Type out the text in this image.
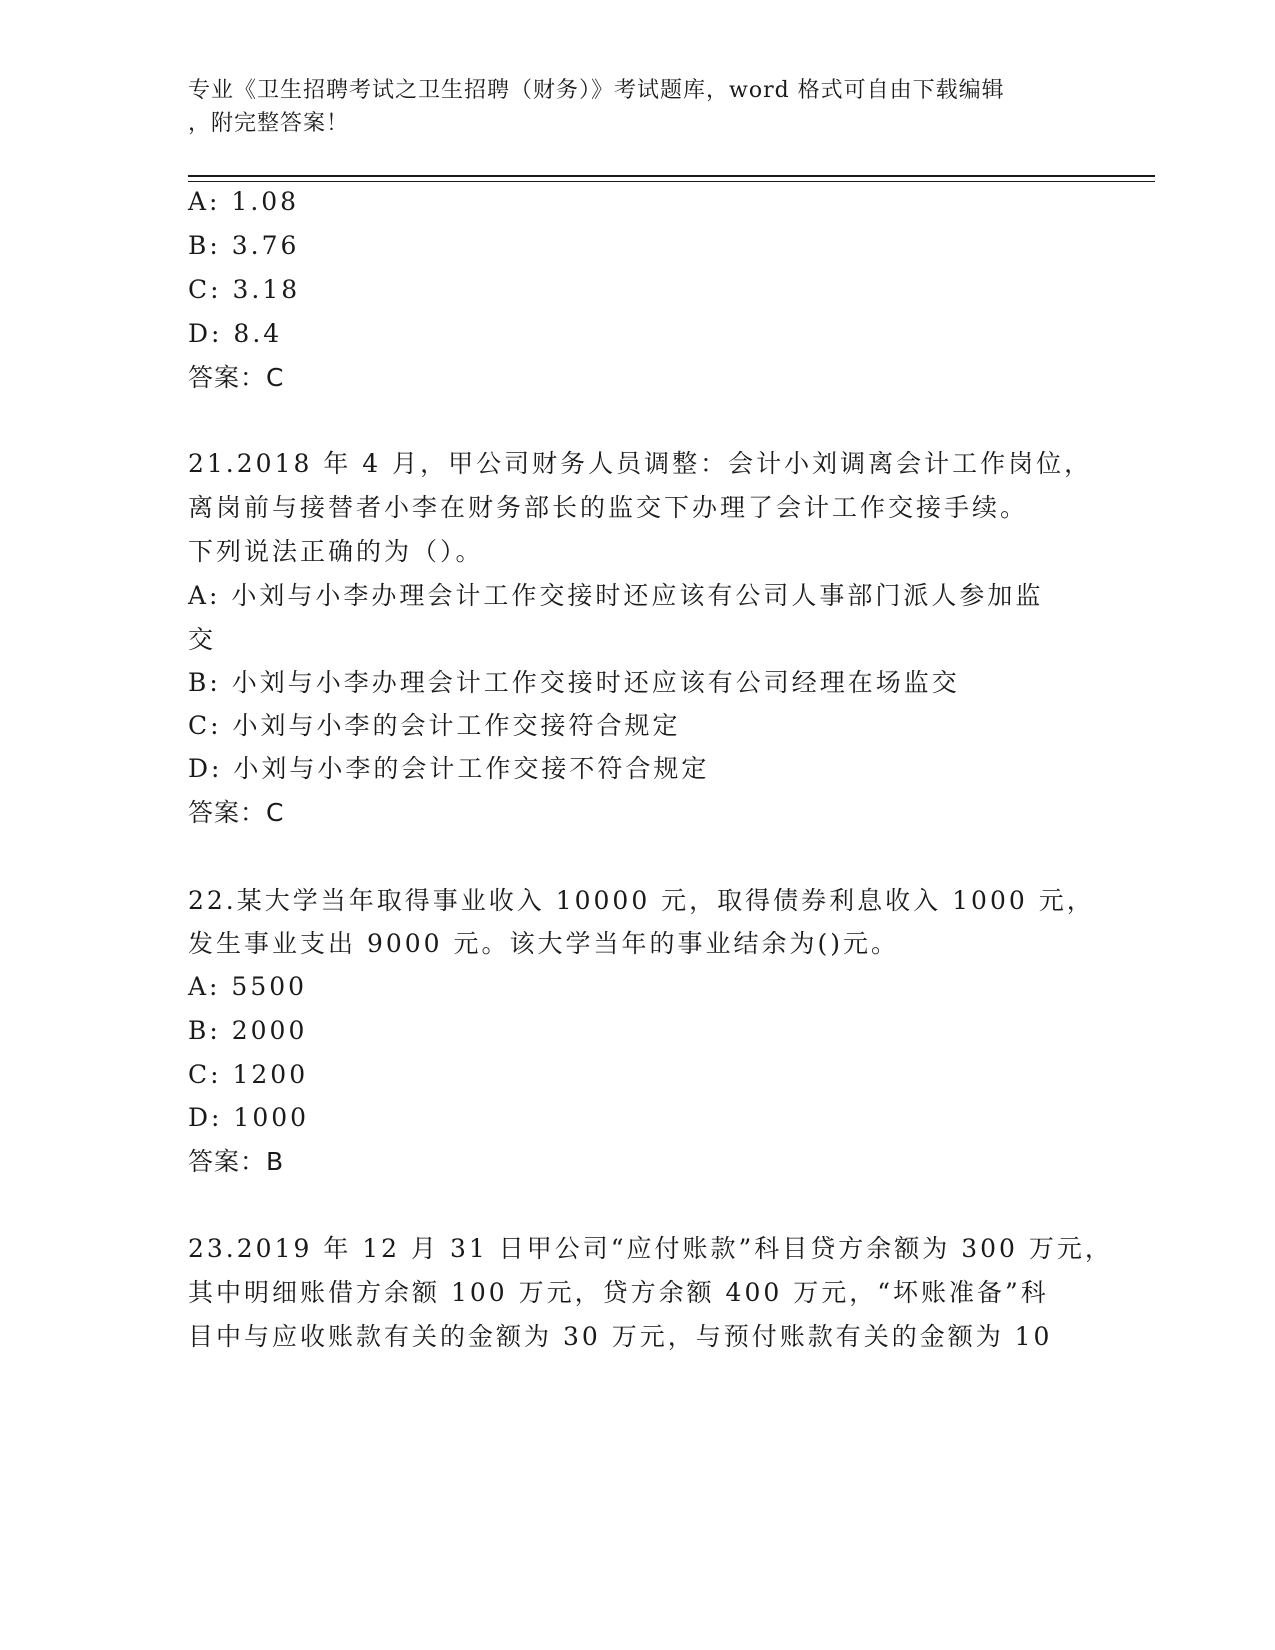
专业《卫生招聘考试之卫生招聘（财务）》考试题库，word 格式可自由下载编辑
，附完整答案！
A: 1.08
B: 3.76
C: 3.18
D: 8.4
答案：C
21.2018 年 4 月，甲公司财务人员调整：会计小刘调离会计工作岗位，
离岗前与接替者小李在财务部长的监交下办理了会计工作交接手续。
下列说法正确的为（）。
A: 小刘与小李办理会计工作交接时还应该有公司人事部门派人参加监
交
B: 小刘与小李办理会计工作交接时还应该有公司经理在场监交
C: 小刘与小李的会计工作交接符合规定
D: 小刘与小李的会计工作交接不符合规定
答案：C
22.某大学当年取得事业收入 10000 元，取得债券利息收入 1000 元，
发生事业支出 9000 元。该大学当年的事业结余为()元。
A: 5500
B: 2000
C: 1200
D: 1000
答案：B
23.2019 年 12 月 31 日甲公司“应付账款”科目贷方余额为 300 万元，
其中明细账借方余额 100 万元，贷方余额 400 万元，“坏账准备”科
目中与应收账款有关的金额为 30 万元，与预付账款有关的金额为 10
